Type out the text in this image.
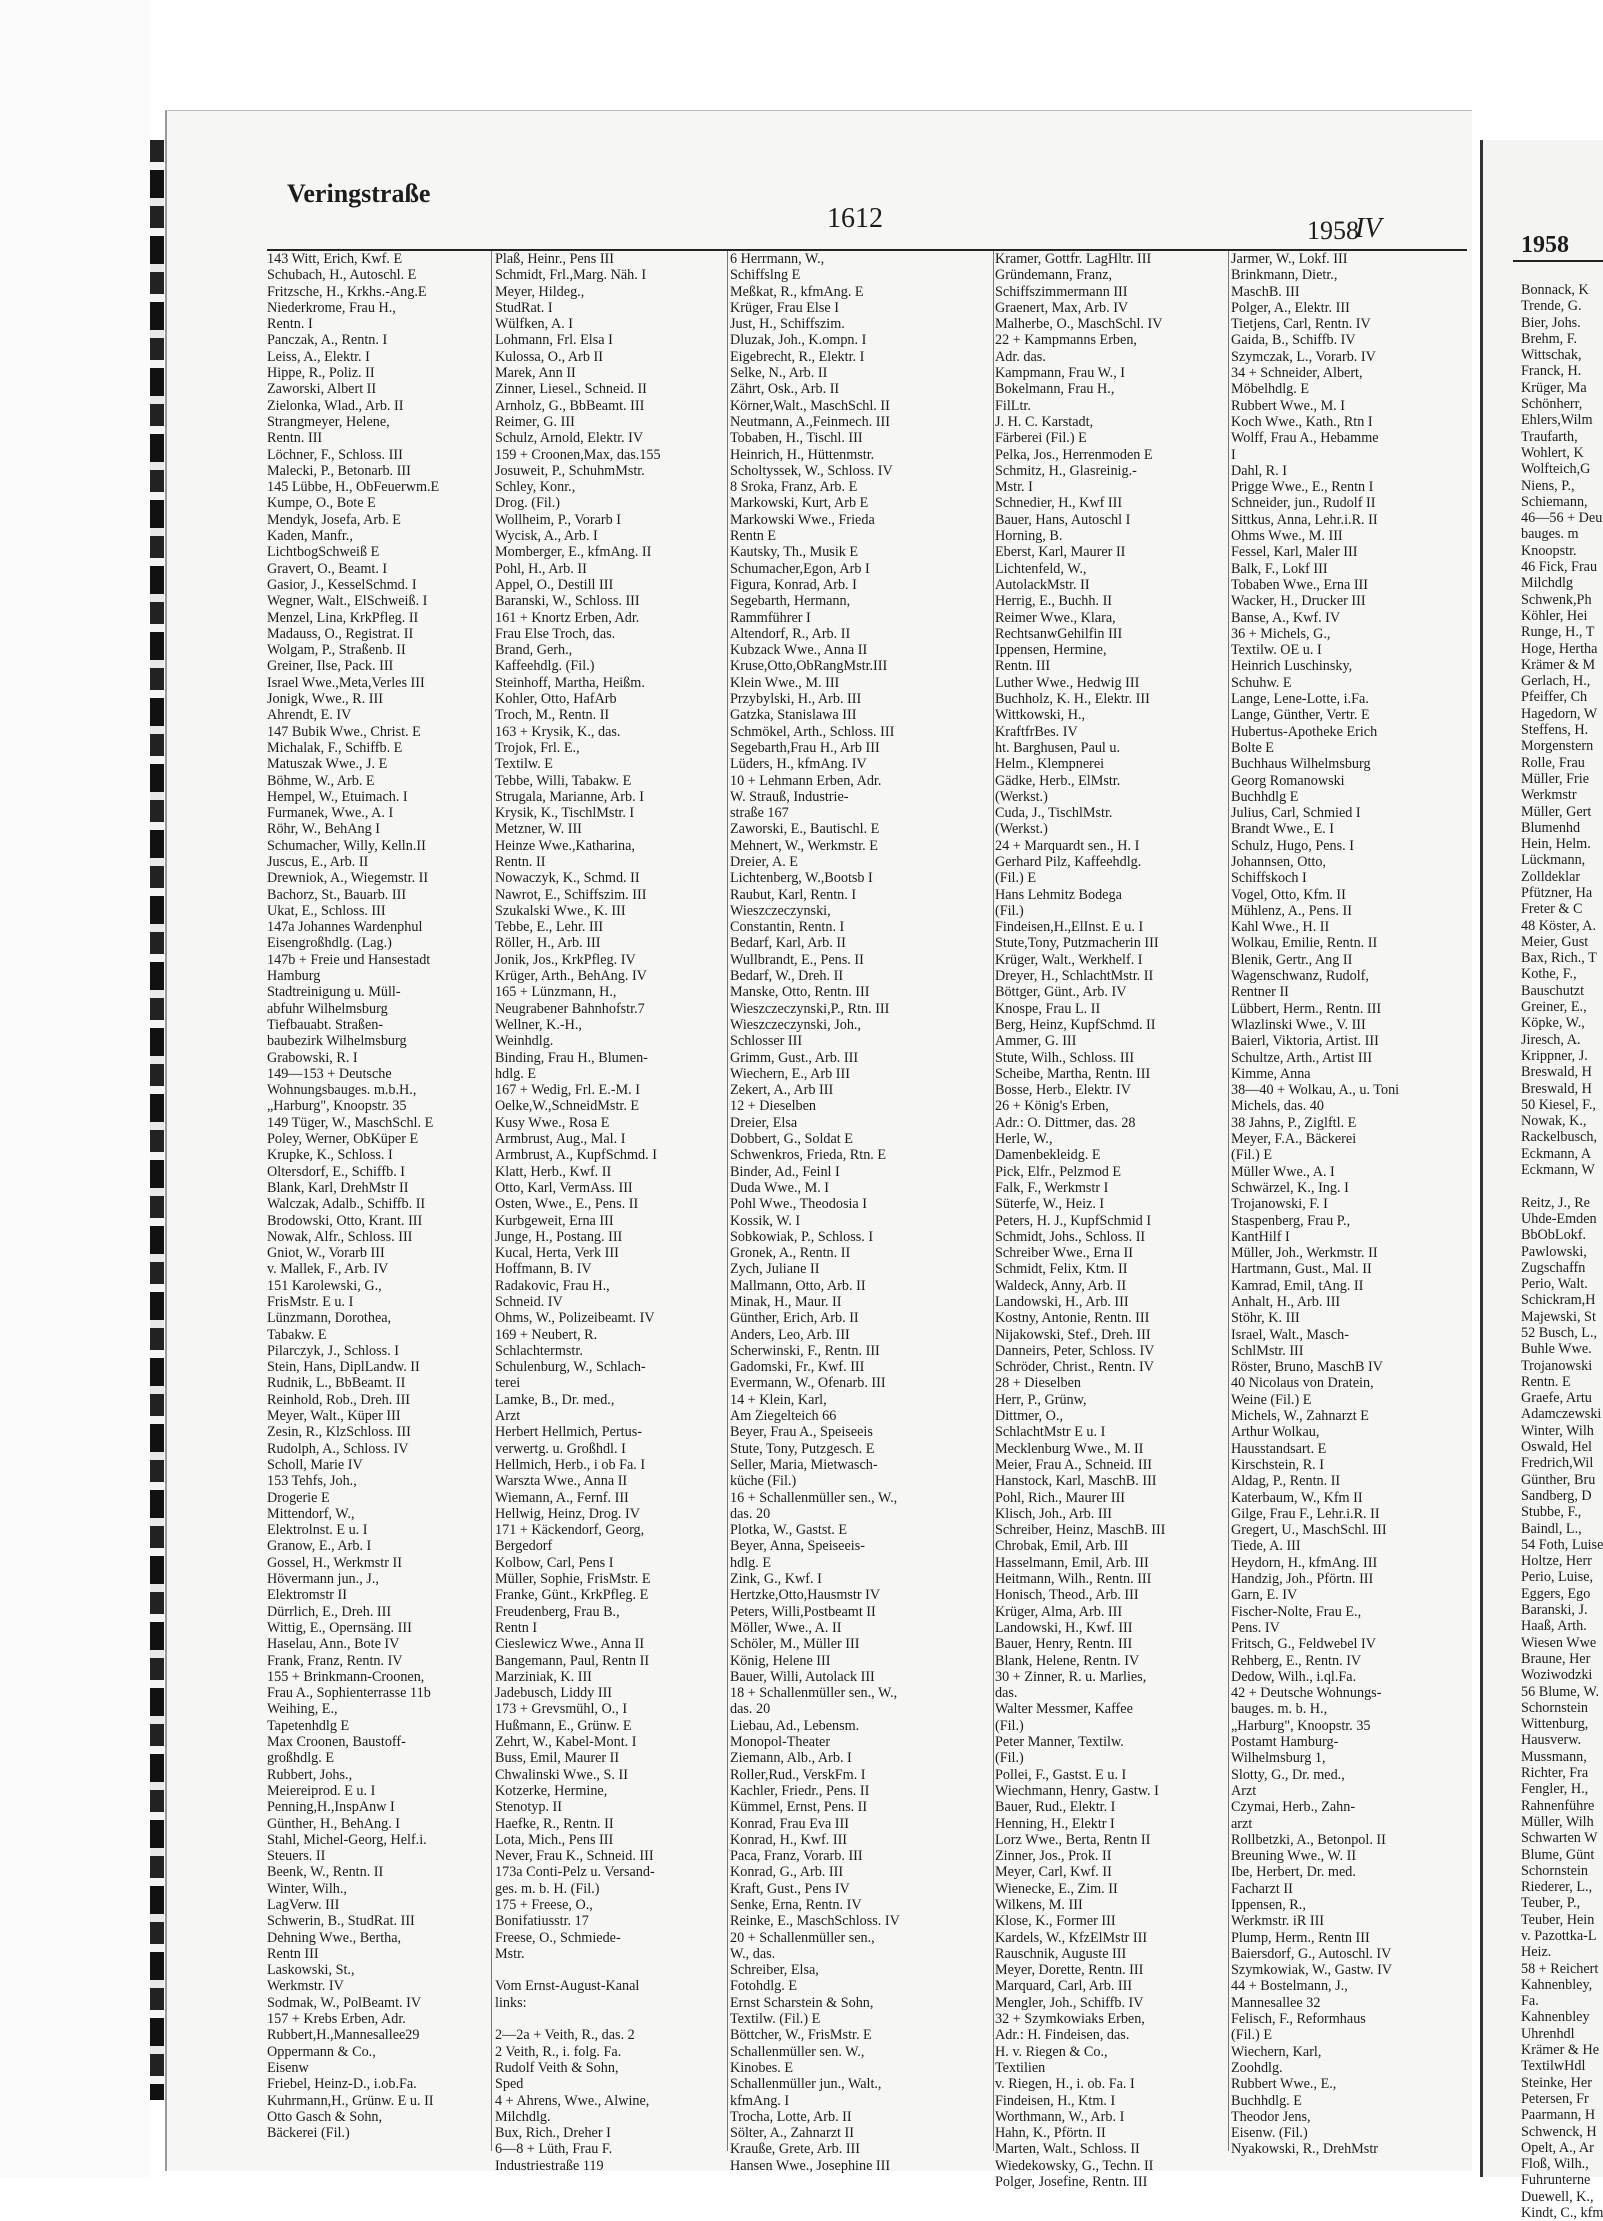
Veringstraße
1612	1958
IV
143 Witt, Erich, Kwf. E
Schubach, H., Autoschl. E
Fritzsche, H., Krkhs.-Ang.E
Niederkrome, Frau H.,
Rentn. I
Panczak, A., Rentn. I
Leiss, A., Elektr. I
Hippe, R., Poliz. II
Zaworski, Albert II
Zielonka, Wlad., Arb. II
Strangmeyer, Helene,
Rentn. III
Löchner, F., Schloss. III
Malecki, P., Betonarb. III
145 Lübbe, H., ObFeuerwm.E
Kumpe, O., Bote E
Mendyk, Josefa, Arb. E
Kaden, Manfr.,
LichtbogSchweiß E
Gravert, O., Beamt. I
Gasior, J., KesselSchmd. I
Wegner, Walt., ElSchweiß. I
Menzel, Lina, KrkPfleg. II
Madauss, O., Registrat. II
Wolgam, P., Straßenb. II
Greiner, Ilse, Pack. III
Israel Wwe.,Meta,Verles III
Jonigk, Wwe., R. III
Ahrendt, E. IV
147 Bubik Wwe., Christ. E
Michalak, F., Schiffb. E
Matuszak Wwe., J. E
Böhme, W., Arb. E
Hempel, W., Etuimach. I
Furmanek, Wwe., A. I
Röhr, W., BehAng I
Schumacher, Willy, Kelln.II
Juscus, E., Arb. II
Drewniok, A., Wiegemstr. II
Bachorz, St., Bauarb. III
Ukat, E., Schloss. III
147a Johannes Wardenphul
Eisengroßhdlg. (Lag.)
147b + Freie und Hansestadt
Hamburg
Stadtreinigung u. Müll-
abfuhr Wilhelmsburg
Tiefbauabt. Straßen-
baubezirk Wilhelmsburg
Grabowski, R. I
149—153 + Deutsche
Wohnungsbauges. m.b.H.,
„Harburg", Knoopstr. 35
149 Tüger, W., MaschSchl. E
Poley, Werner, ObKüper E
Krupke, K., Schloss. I
Oltersdorf, E., Schiffb. I
Blank, Karl, DrehMstr II
Walczak, Adalb., Schiffb. II
Brodowski, Otto, Krant. III
Nowak, Alfr., Schloss. III
Gniot, W., Vorarb III
v. Mallek, F., Arb. IV
151 Karolewski, G.,
FrisMstr. E u. I
Lünzmann, Dorothea,
Tabakw. E
Pilarczyk, J., Schloss. I
Stein, Hans, DiplLandw. II
Rudnik, L., BbBeamt. II
Reinhold, Rob., Dreh. III
Meyer, Walt., Küper III
Zesin, R., KlzSchloss. III
Rudolph, A., Schloss. IV
Scholl, Marie IV
153 Tehfs, Joh.,
Drogerie E
Mittendorf, W.,
Elektrolnst. E u. I
Granow, E., Arb. I
Gossel, H., Werkmstr II
Hövermann jun., J.,
Elektromstr II
Dürrlich, E., Dreh. III
Wittig, E., Opernsäng. III
Haselau, Ann., Bote IV
Frank, Franz, Rentn. IV
155 + Brinkmann-Croonen,
Frau A., Sophienterrasse 11b
Weihing, E.,
Tapetenhdlg E
Max Croonen, Baustoff-
großhdlg. E
Rubbert, Johs.,
Meiereiprod. E u. I
Penning,H.,InspAnw I
Günther, H., BehAng. I
Stahl, Michel-Georg, Helf.i.
Steuers. II
Beenk, W., Rentn. II
Winter, Wilh.,
LagVerw. III
Schwerin, B., StudRat. III
Dehning Wwe., Bertha,
Rentn III
Laskowski, St.,
Werkmstr. IV
Sodmak, W., PolBeamt. IV
157 + Krebs Erben, Adr.
Rubbert,H.,Mannesallee29
Oppermann & Co.,
Eisenw
Friebel, Heinz-D., i.ob.Fa.
Kuhrmann,H., Grünw. E u. II
Otto Gasch & Sohn,
Bäckerei (Fil.)
Plaß, Heinr., Pens III
Schmidt, Frl.,Marg. Näh. I
Meyer, Hildeg.,
StudRat. I
Wülfken, A. I
Lohmann, Frl. Elsa I
Kulossa, O., Arb II
Marek, Ann II
Zinner, Liesel., Schneid. II
Arnholz, G., BbBeamt. III
Reimer, G. III
Schulz, Arnold, Elektr. IV
159 + Croonen,Max, das.155
Josuweit, P., SchuhmMstr.
Schley, Konr.,
Drog. (Fil.)
Wollheim, P., Vorarb I
Wycisk, A., Arb. I
Momberger, E., kfmAng. II
Pohl, H., Arb. II
Appel, O., Destill III
Baranski, W., Schloss. III
161 + Knortz Erben, Adr.
Frau Else Troch, das.
Brand, Gerh.,
Kaffeehdlg. (Fil.)
Steinhoff, Martha, Heißm.
Kohler, Otto, HafArb
Troch, M., Rentn. II
163 + Krysik, K., das.
Trojok, Frl. E.,
Textilw. E
Tebbe, Willi, Tabakw. E
Strugala, Marianne, Arb. I
Krysik, K., TischlMstr. I
Metzner, W. III
Heinze Wwe.,Katharina,
Rentn. II
Nowaczyk, K., Schmd. II
Nawrot, E., Schiffszim. III
Szukalski Wwe., K. III
Tebbe, E., Lehr. III
Röller, H., Arb. III
Jonik, Jos., KrkPfleg. IV
Krüger, Arth., BehAng. IV
165 + Lünzmann, H.,
Neugrabener Bahnhofstr.7
Wellner, K.-H.,
Weinhdlg.
Binding, Frau H., Blumen-
hdlg. E
167 + Wedig, Frl. E.-M. I
Oelke,W.,SchneidMstr. E
Kusy Wwe., Rosa E
Armbrust, Aug., Mal. I
Armbrust, A., KupfSchmd. I
Klatt, Herb., Kwf. II
Otto, Karl, VermAss. III
Osten, Wwe., E., Pens. II
Kurbgeweit, Erna III
Junge, H., Postang. III
Kucal, Herta, Verk III
Hoffmann, B. IV
Radakovic, Frau H.,
Schneid. IV
Ohms, W., Polizeibeamt. IV
169 + Neubert, R.
Schlachtermstr.
Schulenburg, W., Schlach-
terei
Lamke, B., Dr. med.,
Arzt
Herbert Hellmich, Pertus-
verwertg. u. Großhdl. I
Hellmich, Herb., i ob Fa. I
Warszta Wwe., Anna II
Wiemann, A., Fernf. III
Hellwig, Heinz, Drog. IV
171 + Käckendorf, Georg,
Bergedorf
Kolbow, Carl, Pens I
Müller, Sophie, FrisMstr. E
Franke, Günt., KrkPfleg. E
Freudenberg, Frau B.,
Rentn I
Cieslewicz Wwe., Anna II
Bangemann, Paul, Rentn II
Marziniak, K. III
Jadebusch, Liddy III
173 + Grevsmühl, O., I
Hußmann, E., Grünw. E
Zehrt, W., Kabel-Mont. I
Buss, Emil, Maurer II
Chwalinski Wwe., S. II
Kotzerke, Hermine,
Stenotyp. II
Haefke, R., Rentn. II
Lota, Mich., Pens III
Never, Frau K., Schneid. III
173a Conti-Pelz u. Versand-
ges. m. b. H. (Fil.)
175 + Freese, O.,
Bonifatiusstr. 17
Freese, O., Schmiede-
Mstr.
Vom Ernst-August-Kanal
links:
2—2a + Veith, R., das. 2
2 Veith, R., i. folg. Fa.
Rudolf Veith & Sohn,
Sped
4 + Ahrens, Wwe., Alwine,
Milchdlg.
Bux, Rich., Dreher I
6—8 + Lüth, Frau F.
Industriestraße 119
6 Herrmann, W.,
Schiffslng E
Meßkat, R., kfmAng. E
Krüger, Frau Else I
Just, H., Schiffszim.
Dluzak, Joh., K.ompn. I
Eigebrecht, R., Elektr. I
Selke, N., Arb. II
Zährt, Osk., Arb. II
Körner,Walt., MaschSchl. II
Neutmann, A.,Feinmech. III
Tobaben, H., Tischl. III
Heinrich, H., Hüttenmstr.
Scholtyssek, W., Schloss. IV
8 Sroka, Franz, Arb. E
Markowski, Kurt, Arb E
Markowski Wwe., Frieda
Rentn E
Kautsky, Th., Musik E
Schumacher,Egon, Arb I
Figura, Konrad, Arb. I
Segebarth, Hermann,
Rammführer I
Altendorf, R., Arb. II
Kubzack Wwe., Anna II
Kruse,Otto,ObRangMstr.III
Klein Wwe., M. III
Przybylski, H., Arb. III
Gatzka, Stanislawa III
Schmökel, Arth., Schloss. III
Segebarth,Frau H., Arb III
Lüders, H., kfmAng. IV
10 + Lehmann Erben, Adr.
W. Strauß, Industrie-
straße 167
Zaworski, E., Bautischl. E
Mehnert, W., Werkmstr. E
Dreier, A. E
Lichtenberg, W.,Bootsb I
Raubut, Karl, Rentn. I
Wieszczeczynski,
Constantin, Rentn. I
Bedarf, Karl, Arb. II
Wullbrandt, E., Pens. II
Bedarf, W., Dreh. II
Manske, Otto, Rentn. III
Wieszczeczynski,P., Rtn. III
Wieszczeczynski, Joh.,
Schlosser III
Grimm, Gust., Arb. III
Wiechern, E., Arb III
Zekert, A., Arb III
12 + Dieselben
Dreier, Elsa
Dobbert, G., Soldat E
Schwenkros, Frieda, Rtn. E
Binder, Ad., Feinl I
Duda Wwe., M. I
Pohl Wwe., Theodosia I
Kossik, W. I
Sobkowiak, P., Schloss. I
Gronek, A., Rentn. II
Zych, Juliane II
Mallmann, Otto, Arb. II
Minak, H., Maur. II
Günther, Erich, Arb. II
Anders, Leo, Arb. III
Scherwinski, F., Rentn. III
Gadomski, Fr., Kwf. III
Evermann, W., Ofenarb. III
14 + Klein, Karl,
Am Ziegelteich 66
Beyer, Frau A., Speiseeis
Stute, Tony, Putzgesch. E
Seller, Maria, Mietwasch-
küche (Fil.)
16 + Schallenmüller sen., W.,
das. 20
Plotka, W., Gastst. E
Beyer, Anna, Speiseeis-
hdlg. E
Zink, G., Kwf. I
Hertzke,Otto,Hausmstr IV
Peters, Willi,Postbeamt II
Möller, Wwe., A. II
Schöler, M., Müller III
König, Helene III
Bauer, Willi, Autolack III
18 + Schallenmüller sen., W.,
das. 20
Liebau, Ad., Lebensm.
Monopol-Theater
Ziemann, Alb., Arb. I
Roller,Rud., VerskFm. I
Kachler, Friedr., Pens. II
Kümmel, Ernst, Pens. II
Konrad, Frau Eva III
Konrad, H., Kwf. III
Paca, Franz, Vorarb. III
Konrad, G., Arb. III
Kraft, Gust., Pens IV
Senke, Erna, Rentn. IV
Reinke, E., MaschSchloss. IV
20 + Schallenmüller sen.,
W., das.
Schreiber, Elsa,
Fotohdlg. E
Ernst Scharstein & Sohn,
Textilw. (Fil.) E
Böttcher, W., FrisMstr. E
Schallenmüller sen. W.,
Kinobes. E
Schallenmüller jun., Walt.,
kfmAng. I
Trocha, Lotte, Arb. II
Sölter, A., Zahnarzt II
Krauße, Grete, Arb. III
Hansen Wwe., Josephine III
Kramer, Gottfr. LagHltr. III
Gründemann, Franz,
Schiffszimmermann III
Graenert, Max, Arb. IV
Malherbe, O., MaschSchl. IV
22 + Kampmanns Erben,
Adr. das.
Kampmann, Frau W., I
Bokelmann, Frau H.,
FilLtr.
J. H. C. Karstadt,
Färberei (Fil.) E
Pelka, Jos., Herrenmoden E
Schmitz, H., Glasreinig.-
Mstr. I
Schnedier, H., Kwf III
Bauer, Hans, Autoschl I
Horning, B.
Eberst, Karl, Maurer II
Lichtenfeld, W.,
AutolackMstr. II
Herrig, E., Buchh. II
Reimer Wwe., Klara,
RechtsanwGehilfin III
Ippensen, Hermine,
Rentn. III
Luther Wwe., Hedwig III
Buchholz, K. H., Elektr. III
Wittkowski, H.,
KraftfrBes. IV
ht. Barghusen, Paul u.
Helm., Klempnerei
Gädke, Herb., ElMstr.
(Werkst.)
Cuda, J., TischlMstr.
(Werkst.)
24 + Marquardt sen., H. I
Gerhard Pilz, Kaffeehdlg.
(Fil.) E
Hans Lehmitz Bodega
(Fil.)
Findeisen,H.,ElInst. E u. I
Stute,Tony, Putzmacherin III
Krüger, Walt., Werkhelf. I
Dreyer, H., SchlachtMstr. II
Böttger, Günt., Arb. IV
Knospe, Frau L. II
Berg, Heinz, KupfSchmd. II
Ammer, G. III
Stute, Wilh., Schloss. III
Scheibe, Martha, Rentn. III
Bosse, Herb., Elektr. IV
26 + König's Erben,
Adr.: O. Dittmer, das. 28
Herle, W.,
Damenbekleidg. E
Pick, Elfr., Pelzmod E
Falk, F., Werkmstr I
Süterfe, W., Heiz. I
Peters, H. J., KupfSchmid I
Schmidt, Johs., Schloss. II
Schreiber Wwe., Erna II
Schmidt, Felix, Ktm. II
Waldeck, Anny, Arb. II
Landowski, H., Arb. III
Kostny, Antonie, Rentn. III
Nijakowski, Stef., Dreh. III
Danneirs, Peter, Schloss. IV
Schröder, Christ., Rentn. IV
28 + Dieselben
Herr, P., Grünw,
Dittmer, O.,
SchlachtMstr E u. I
Mecklenburg Wwe., M. II
Meier, Frau A., Schneid. III
Hanstock, Karl, MaschB. III
Pohl, Rich., Maurer III
Klisch, Joh., Arb. III
Schreiber, Heinz, MaschB. III
Chrobak, Emil, Arb. III
Hasselmann, Emil, Arb. III
Heitmann, Wilh., Rentn. III
Honisch, Theod., Arb. III
Krüger, Alma, Arb. III
Landowski, H., Kwf. III
Bauer, Henry, Rentn. III
Blank, Helene, Rentn. IV
30 + Zinner, R. u. Marlies,
das.
Walter Messmer, Kaffee
(Fil.)
Peter Manner, Textilw.
(Fil.)
Pollei, F., Gastst. E u. I
Wiechmann, Henry, Gastw. I
Bauer, Rud., Elektr. I
Henning, H., Elektr I
Lorz Wwe., Berta, Rentn II
Zinner, Jos., Prok. II
Meyer, Carl, Kwf. II
Wienecke, E., Zim. II
Wilkens, M. III
Klose, K., Former III
Kardels, W., KfzElMstr III
Rauschnik, Auguste III
Meyer, Dorette, Rentn. III
Marquard, Carl, Arb. III
Mengler, Joh., Schiffb. IV
32 + Szymkowiaks Erben,
Adr.: H. Findeisen, das.
H. v. Riegen & Co.,
Textilien
v. Riegen, H., i. ob. Fa. I
Findeisen, H., Ktm. I
Worthmann, W., Arb. I
Hahn, K., Pförtn. II
Marten, Walt., Schloss. II
Wiedekowsky, G., Techn. II
Polger, Josefine, Rentn. III
Jarmer, W., Lokf. III
Brinkmann, Dietr.,
MaschB. III
Polger, A., Elektr. III
Tietjens, Carl, Rentn. IV
Gaida, B., Schiffb. IV
Szymczak, L., Vorarb. IV
34 + Schneider, Albert,
Möbelhdlg. E
Rubbert Wwe., M. I
Koch Wwe., Kath., Rtn I
Wolff, Frau A., Hebamme
I
Dahl, R. I
Prigge Wwe., E., Rentn I
Schneider, jun., Rudolf II
Sittkus, Anna, Lehr.i.R. II
Ohms Wwe., M. III
Fessel, Karl, Maler III
Balk, F., Lokf III
Tobaben Wwe., Erna III
Wacker, H., Drucker III
Banse, A., Kwf. IV
36 + Michels, G.,
Textilw. OE u. I
Heinrich Luschinsky,
Schuhw. E
Lange, Lene-Lotte, i.Fa.
Lange, Günther, Vertr. E
Hubertus-Apotheke Erich
Bolte E
Buchhaus Wilhelmsburg
Georg Romanowski
Buchhdlg E
Julius, Carl, Schmied I
Brandt Wwe., E. I
Schulz, Hugo, Pens. I
Johannsen, Otto,
Schiffskoch I
Vogel, Otto, Kfm. II
Mühlenz, A., Pens. II
Kahl Wwe., H. II
Wolkau, Emilie, Rentn. II
Blenik, Gertr., Ang II
Wagenschwanz, Rudolf,
Rentner II
Lübbert, Herm., Rentn. III
Wlazlinski Wwe., V. III
Baierl, Viktoria, Artist. III
Schultze, Arth., Artist III
Kimme, Anna
38—40 + Wolkau, A., u. Toni
Michels, das. 40
38 Jahns, P., Ziglftl. E
Meyer, F.A., Bäckerei
(Fil.) E
Müller Wwe., A. I
Schwärzel, K., Ing. I
Trojanowski, F. I
Staspenberg, Frau P.,
KantHilf I
Müller, Joh., Werkmstr. II
Hartmann, Gust., Mal. II
Kamrad, Emil, tAng. II
Anhalt, H., Arb. III
Stöhr, K. III
Israel, Walt., Masch-
SchlMstr. III
Röster, Bruno, MaschB IV
40 Nicolaus von Dratein,
Weine (Fil.) E
Michels, W., Zahnarzt E
Arthur Wolkau,
Hausstandsart. E
Kirschstein, R. I
Aldag, P., Rentn. II
Katerbaum, W., Kfm II
Gilge, Frau F., Lehr.i.R. II
Gregert, U., MaschSchl. III
Tiede, A. III
Heydorn, H., kfmAng. III
Handzig, Joh., Pförtn. III
Garn, E. IV
Fischer-Nolte, Frau E.,
Pens. IV
Fritsch, G., Feldwebel IV
Rehberg, E., Rentn. IV
Dedow, Wilh., i.ql.Fa.
42 + Deutsche Wohnungs-
bauges. m. b. H.,
„Harburg", Knoopstr. 35
Postamt Hamburg-
Wilhelmsburg 1,
Slotty, G., Dr. med.,
Arzt
Czymai, Herb., Zahn-
arzt
Rollbetzki, A., Betonpol. II
Breuning Wwe., W. II
Ibe, Herbert, Dr. med.
Facharzt II
Ippensen, R.,
Werkmstr. iR III
Plump, Herm., Rentn III
Baiersdorf, G., Autoschl. IV
Szymkowiak, W., Gastw. IV
44 + Bostelmann, J.,
Mannesallee 32
Felisch, F., Reformhaus
(Fil.) E
Wiechern, Karl,
Zoohdlg.
Rubbert Wwe., E.,
Buchhdlg. E
Theodor Jens,
Eisenw. (Fil.)
Nyakowski, R., DrehMstr
1958
Bonnack, K
Trende, G.
Bier, Johs.
Brehm, F.
Wittschak,
Franck, H.
Krüger, Ma
Schönherr,
Ehlers,Wilm
Traufarth,
Wohlert, K
Wolfteich,G
Niens, P.,
Schiemann,
46—56 + Deu
bauges. m
Knoopstr.
46 Fick, Frau
Milchdlg
Schwenk,Ph
Köhler, Hei
Runge, H., T
Hoge, Hertha
Krämer & M
Gerlach, H.,
Pfeiffer, Ch
Hagedorn, W
Steffens, H.
Morgenstern
Rolle, Frau
Müller, Frie
Werkmstr
Müller, Gert
Blumenhd
Hein, Helm.
Lückmann,
Zolldeklar
Pfützner, Ha
Freter & C
48 Köster, A.
Meier, Gust
Bax, Rich., T
Kothe, F.,
Bauschutzt
Greiner, E.,
Köpke, W.,
Jiresch, A.
Krippner, J.
Breswald, H
Breswald, H
50 Kiesel, F.,
Nowak, K.,
Rackelbusch,
Eckmann, A
Eckmann, W
Reitz, J., Re
Uhde-Emden
BbObLokf.
Pawlowski,
Zugschaffn
Perio, Walt.
Schickram,H
Majewski, St
52 Busch, L.,
Buhle Wwe.
Trojanowski
Rentn. E
Graefe, Artu
Adamczewski
Winter, Wilh
Oswald, Hel
Fredrich,Wil
Günther, Bru
Sandberg, D
Stubbe, F.,
Baindl, L.,
54 Foth, Luise
Holtze, Herr
Perio, Luise,
Eggers, Ego
Baranski, J.
Haaß, Arth.
Wiesen Wwe
Braune, Her
Woziwodzki
56 Blume, W.
Schornstein
Wittenburg,
Hausverw.
Mussmann,
Richter, Fra
Fengler, H.,
Rahnenführe
Müller, Wilh
Schwarten W
Blume, Günt
Schornstein
Riederer, L.,
Teuber, P.,
Teuber, Hein
v. Pazottka-L
Heiz.
58 + Reichert
Kahnenbley,
Fa.
Kahnenbley
Uhrenhdl
Krämer & He
TextilwHdl
Steinke, Her
Petersen, Fr
Paarmann, H
Schwenck, H
Opelt, A., Ar
Floß, Wilh.,
Fuhrunterne
Duewell, K.,
Kindt, C., kfm
